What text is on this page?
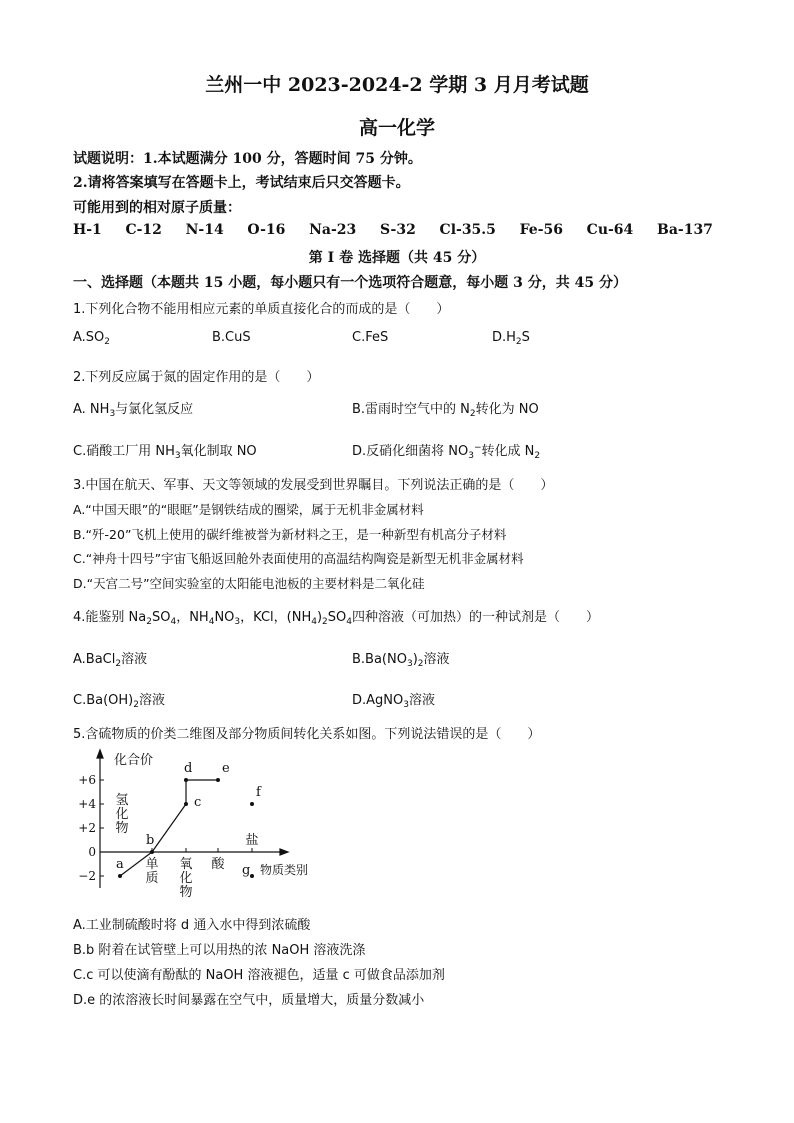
兰州一中 2023-2024-2 学期 3 月月考试题
高一化学
试题说明：1.本试题满分 100 分，答题时间 75 分钟。
2.请将答案填写在答题卡上，考试结束后只交答题卡。
可能用到的相对原子质量：
H-1 C-12 N-14 O-16 Na-23 S-32 Cl-35.5 Fe-56 Cu-64 Ba-137
第 I 卷 选择题（共 45 分）
一、选择题（本题共 15 小题，每小题只有一个选项符合题意，每小题 3 分，共 45 分）
1.下列化合物不能用相应元素的单质直接化合的而成的是（　　）
$A.SO_2$	B.CuS	C.FeS	$D.H_2S$
2.下列反应属于氮的固定作用的是（　　）
A. $NH_3$与氯化氢反应	B.雷雨时空气中的 $N_2$转化为 NO
C.硝酸工厂用 $NH_3$氧化制取 NO	D.反硝化细菌将 $NO_3^-$转化成 $N_2$
3.中国在航天、军事、天文等领域的发展受到世界瞩目。下列说法正确的是（　　）
A.“中国天眼”的“眼眶”是钢铁结成的圈梁，属于无机非金属材料
B.“歼-20”飞机上使用的碳纤维被誉为新材料之王，是一种新型有机高分子材料
C.“神舟十四号”宇宙飞船返回舱外表面使用的高温结构陶瓷是新型无机非金属材料
D.“天宫二号”空间实验室的太阳能电池板的主要材料是二氧化硅
4.能鉴别 $Na_2SO_4$，$NH_4NO_3$，KCl，$(NH_4)_2SO_4$四种溶液（可加热）的一种试剂是（　　）
A.BaCl$_2$溶液	$B.Ba(NO_3)_2$溶液
$C.Ba(OH)_2$溶液	D.AgNO$_3$溶液
5.含硫物质的价类二维图及部分物质间转化关系如图。下列说法错误的是（　　）
+6
+4
+2
0
−2
氢
化
物
单
质
氧
化
物
酸
盐
a
b
c
d e
f
g
化合价
物质类别
A.工业制硫酸时将 d 通入水中得到浓硫酸
B.b 附着在试管壁上可以用热的浓 NaOH 溶液洗涤
C.c 可以使滴有酚酞的 NaOH 溶液褪色，适量 c 可做食品添加剂
D.e 的浓溶液长时间暴露在空气中，质量增大，质量分数减小
